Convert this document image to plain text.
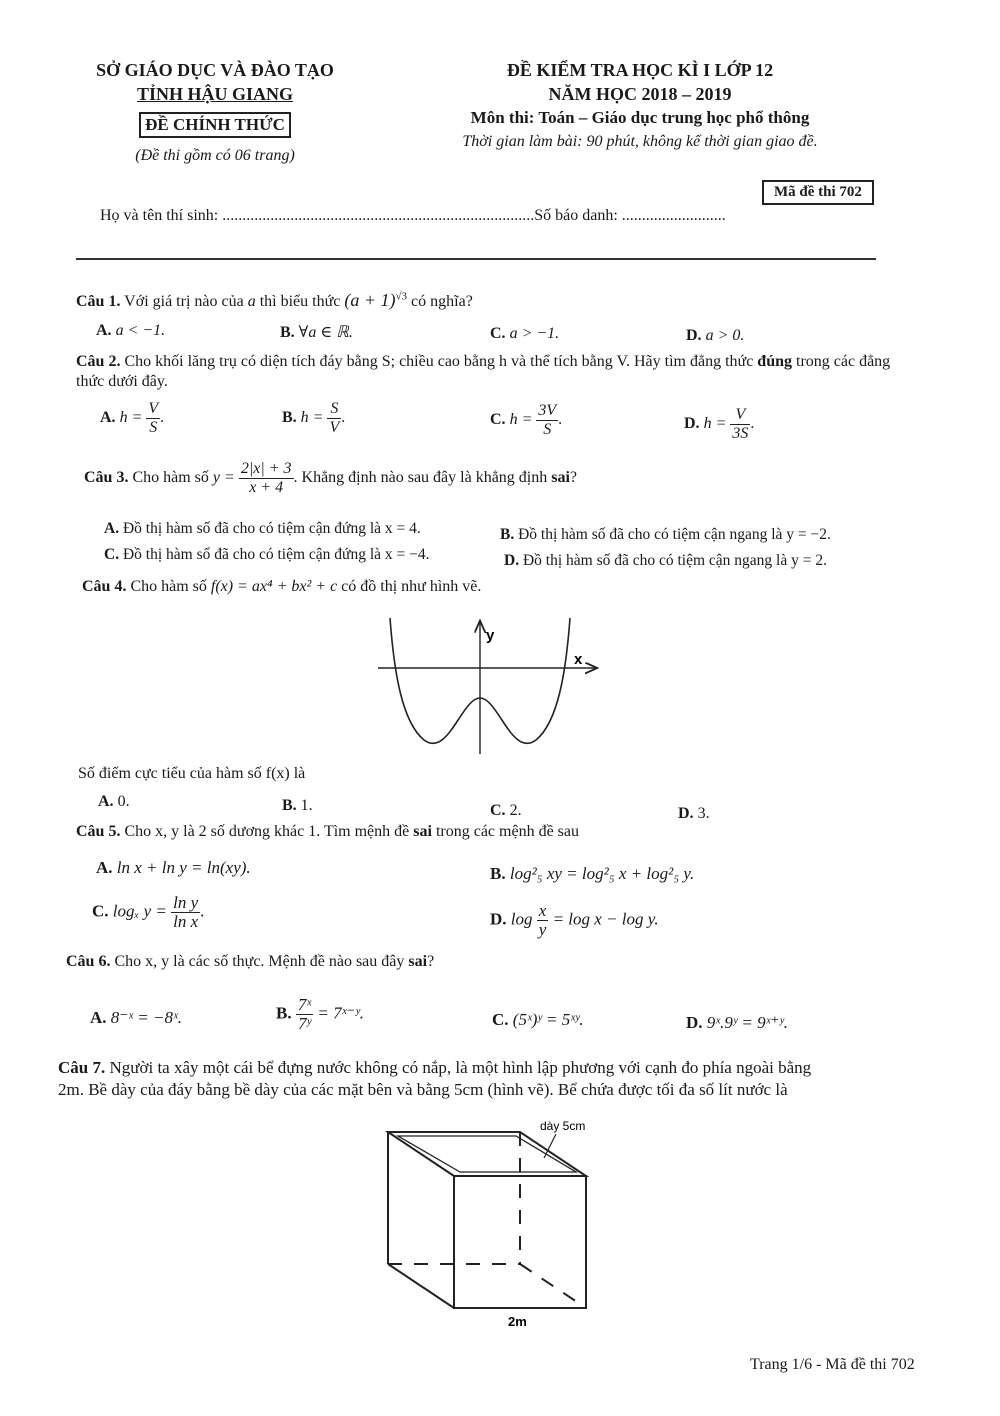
SỞ GIÁO DỤC VÀ ĐÀO TẠO
TỈNH HẬU GIANG
ĐỀ CHÍNH THỨC
(Đề thi gồm có 06 trang)
ĐỀ KIỂM TRA HỌC KÌ I LỚP 12
NĂM HỌC 2018 – 2019
Môn thi: Toán – Giáo dục trung học phổ thông
Thời gian làm bài: 90 phút, không kể thời gian giao đề.
Mã đề thi 702
Họ và tên thí sinh: ..............................................................................Số báo danh: ..........................
Câu 1. Với giá trị nào của a thì biểu thức $(a + 1)^{√3}$ có nghĩa?
A. a < −1.	B. ∀a ∈ ℝ.	C. a > −1.	D. a > 0.
Câu 2. Cho khối lăng trụ có diện tích đáy bằng S; chiều cao bằng h và thể tích bằng V. Hãy tìm đẳng thức đúng trong các đẳng thức dưới đây.
A. $h = \frac{V}{S}$ .	B. $h = \frac{S}{V}$ .	C. $h = \frac{3V}{S}$ .	D. $h = \frac{V}{3S}$ .
Câu 3. Cho hàm số $y = \frac{2|x| + 3}{x + 4}$ . Khẳng định nào sau đây là khẳng định sai?
A. Đồ thị hàm số đã cho có tiệm cận đứng là x = 4.	B. Đồ thị hàm số đã cho có tiệm cận ngang là y = −2.
C. Đồ thị hàm số đã cho có tiệm cận đứng là x = −4.	D. Đồ thị hàm số đã cho có tiệm cận ngang là y = 2.
Câu 4. Cho hàm số f(x) = ax⁴ + bx² + c có đồ thị như hình vẽ.
y
x
Số điểm cực tiểu của hàm số f(x) là
A. 0.	B. 1.	C. 2.	D. 3.
Câu 5. Cho x, y là 2 số dương khác 1. Tìm mệnh đề sai trong các mệnh đề sau
A. ln x + ln y = ln(xy).	B. log²₅ xy = log²₅ x + log²₅ y.
C. logₓ $y = \frac{\text{ln y}}{\text{ln x}}$ .	D. $\log \frac{x}{y} = \log x - \log y$.
Câu 6. Cho x, y là các số thực. Mệnh đề nào sau đây sai?
A. 8⁻ˣ = −8ˣ.	B. $\frac{\text{7ˣ}}{\text{7ʸ}}$ = 7ˣ⁻ʸ.	C. (5ˣ)ʸ = 5ˣʸ.	D. 9ˣ.9ʸ = 9ˣ⁺ʸ.
Câu 7. Người ta xây một cái bể đựng nước không có nắp, là một hình lập phương với cạnh đo phía ngoài bằng
2m. Bề dày của đáy bằng bề dày của các mặt bên và bằng 5cm (hình vẽ). Bể chứa được tối đa số lít nước là
dày 5cm
2m
Trang 1/6 - Mã đề thi 702
